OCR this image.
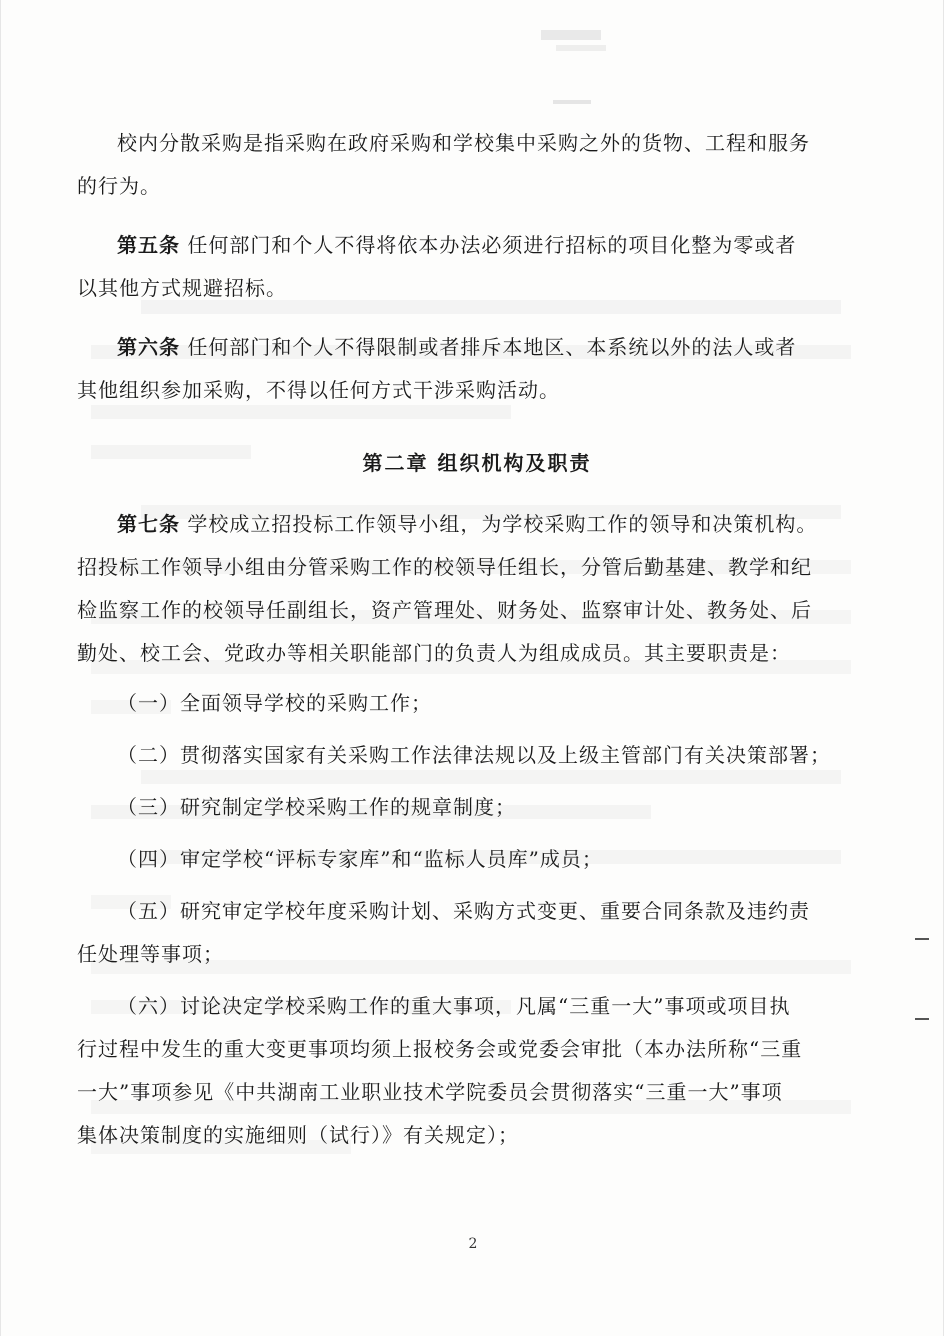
校内分散采购是指采购在政府采购和学校集中采购之外的货物、工程和服务

的行为。

第五条 任何部门和个人不得将依本办法必须进行招标的项目化整为零或者

以其他方式规避招标。

第六条 任何部门和个人不得限制或者排斥本地区、本系统以外的法人或者

其他组织参加采购，不得以任何方式干涉采购活动。

第二章 组织机构及职责

第七条 学校成立招投标工作领导小组，为学校采购工作的领导和决策机构。

招投标工作领导小组由分管采购工作的校领导任组长，分管后勤基建、教学和纪

检监察工作的校领导任副组长，资产管理处、财务处、监察审计处、教务处、后

勤处、校工会、党政办等相关职能部门的负责人为组成成员。其主要职责是：

（一）全面领导学校的采购工作；

（二）贯彻落实国家有关采购工作法律法规以及上级主管部门有关决策部署；

（三）研究制定学校采购工作的规章制度；

（四）审定学校“评标专家库”和“监标人员库”成员；

（五）研究审定学校年度采购计划、采购方式变更、重要合同条款及违约责

任处理等事项；

（六）讨论决定学校采购工作的重大事项，凡属“三重一大”事项或项目执

行过程中发生的重大变更事项均须上报校务会或党委会审批（本办法所称“三重

一大”事项参见《中共湖南工业职业技术学院委员会贯彻落实“三重一大”事项

集体决策制度的实施细则（试行）》有关规定）；

2
